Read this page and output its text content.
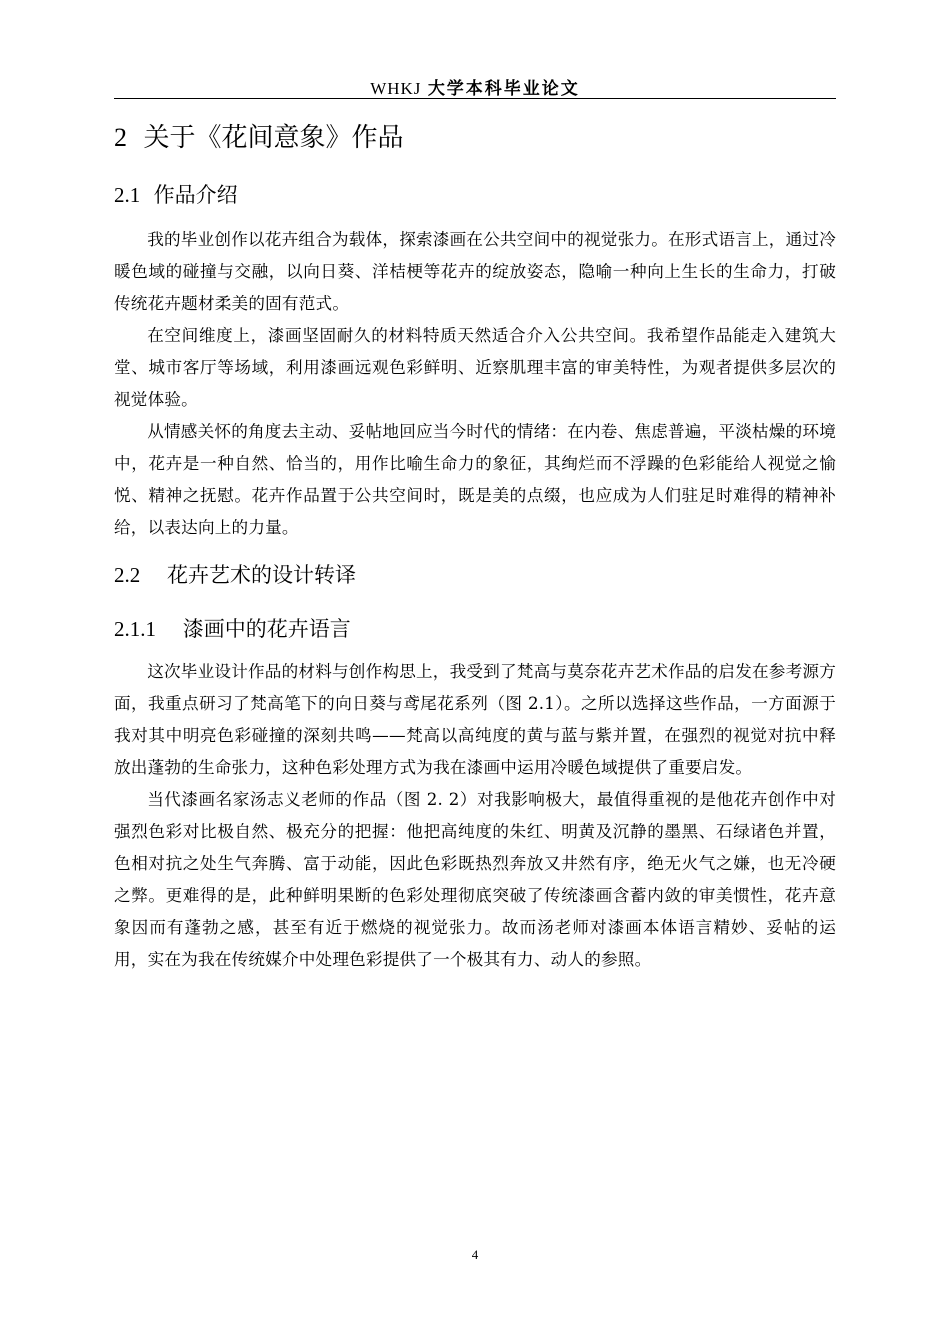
WHKJ 大学本科毕业论文
2 关于《花间意象》作品
2.1 作品介绍

我的毕业创作以花卉组合为载体，探索漆画在公共空间中的视觉张力。在形式语言上，通过冷暖色域的碰撞与交融，以向日葵、洋桔梗等花卉的绽放姿态，隐喻一种向上生长的生命力，打破传统花卉题材柔美的固有范式。

在空间维度上，漆画坚固耐久的材料特质天然适合介入公共空间。我希望作品能走入建筑大堂、城市客厅等场域，利用漆画远观色彩鲜明、近察肌理丰富的审美特性，为观者提供多层次的视觉体验。

从情感关怀的角度去主动、妥帖地回应当今时代的情绪：在内卷、焦虑普遍，平淡枯燥的环境中，花卉是一种自然、恰当的，用作比喻生命力的象征，其绚烂而不浮躁的色彩能给人视觉之愉悦、精神之抚慰。花卉作品置于公共空间时，既是美的点缀，也应成为人们驻足时难得的精神补给，以表达向上的力量。

2.2 花卉艺术的设计转译
2.1.1 漆画中的花卉语言

这次毕业设计作品的材料与创作构思上，我受到了梵高与莫奈花卉艺术作品的启发在参考源方面，我重点研习了梵高笔下的向日葵与鸢尾花系列（图 2.1）。之所以选择这些作品，一方面源于我对其中明亮色彩碰撞的深刻共鸣——梵高以高纯度的黄与蓝与紫并置，在强烈的视觉对抗中释放出蓬勃的生命张力，这种色彩处理方式为我在漆画中运用冷暖色域提供了重要启发。

当代漆画名家汤志义老师的作品（图 2. 2）对我影响极大，最值得重视的是他花卉创作中对强烈色彩对比极自然、极充分的把握：他把高纯度的朱红、明黄及沉静的墨黑、石绿诸色并置，色相对抗之处生气奔腾、富于动能，因此色彩既热烈奔放又井然有序，绝无火气之嫌，也无冷硬之弊。更难得的是，此种鲜明果断的色彩处理彻底突破了传统漆画含蓄内敛的审美惯性，花卉意象因而有蓬勃之感，甚至有近于燃烧的视觉张力。故而汤老师对漆画本体语言精妙、妥帖的运用，实在为我在传统媒介中处理色彩提供了一个极其有力、动人的参照。

4
